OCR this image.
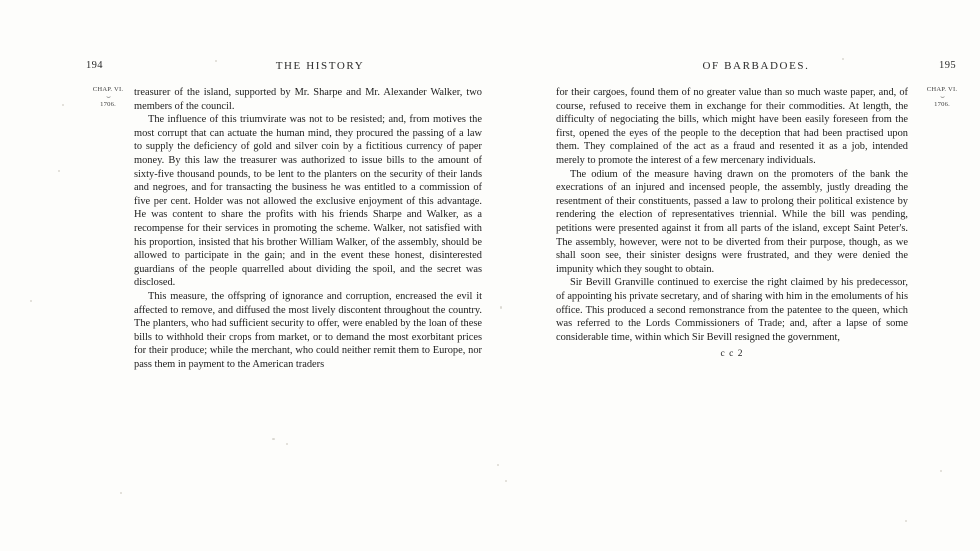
194	THE HISTORY
CHAP. VI.
⌣
1706.

treasurer of the island, supported by Mr. Sharpe and Mr. Alexander Walker, two members of the council.

The influence of this triumvirate was not to be resisted; and, from motives the most corrupt that can actuate the human mind, they procured the passing of a law to supply the deficiency of gold and silver coin by a fictitious currency of paper money. By this law the treasurer was authorized to issue bills to the amount of sixty-five thousand pounds, to be lent to the planters on the security of their lands and negroes, and for transacting the business he was entitled to a commission of five per cent. Holder was not allowed the exclusive enjoyment of this advantage. He was content to share the profits with his friends Sharpe and Walker, as a recompense for their services in promoting the scheme. Walker, not satisfied with his proportion, insisted that his brother William Walker, of the assembly, should be allowed to participate in the gain; and in the event these honest, disinterested guardians of the people quarrelled about dividing the spoil, and the secret was disclosed.

This measure, the offspring of ignorance and corruption, encreased the evil it affected to remove, and diffused the most lively discontent throughout the country. The planters, who had sufficient security to offer, were enabled by the loan of these bills to withhold their crops from market, or to demand the most exorbitant prices for their produce; while the merchant, who could neither remit them to Europe, nor pass them in payment to the American traders

OF BARBADOES.	195
CHAP. VI.
⌣
1706.

for their cargoes, found them of no greater value than so much waste paper, and, of course, refused to receive them in exchange for their commodities. At length, the difficulty of negociating the bills, which might have been easily foreseen from the first, opened the eyes of the people to the deception that had been practised upon them. They complained of the act as a fraud and resented it as a job, intended merely to promote the interest of a few mercenary individuals.

The odium of the measure having drawn on the promoters of the bank the execrations of an injured and incensed people, the assembly, justly dreading the resentment of their constituents, passed a law to prolong their political existence by rendering the election of representatives triennial. While the bill was pending, petitions were presented against it from all parts of the island, except Saint Peter's. The assembly, however, were not to be diverted from their purpose, though, as we shall soon see, their sinister designs were frustrated, and they were denied the impunity which they sought to obtain.

Sir Bevill Granville continued to exercise the right claimed by his predecessor, of appointing his private secretary, and of sharing with him in the emoluments of his office. This produced a second remonstrance from the patentee to the queen, which was referred to the Lords Commissioners of Trade; and, after a lapse of some considerable time, within which Sir Bevill resigned the government,

c c 2
